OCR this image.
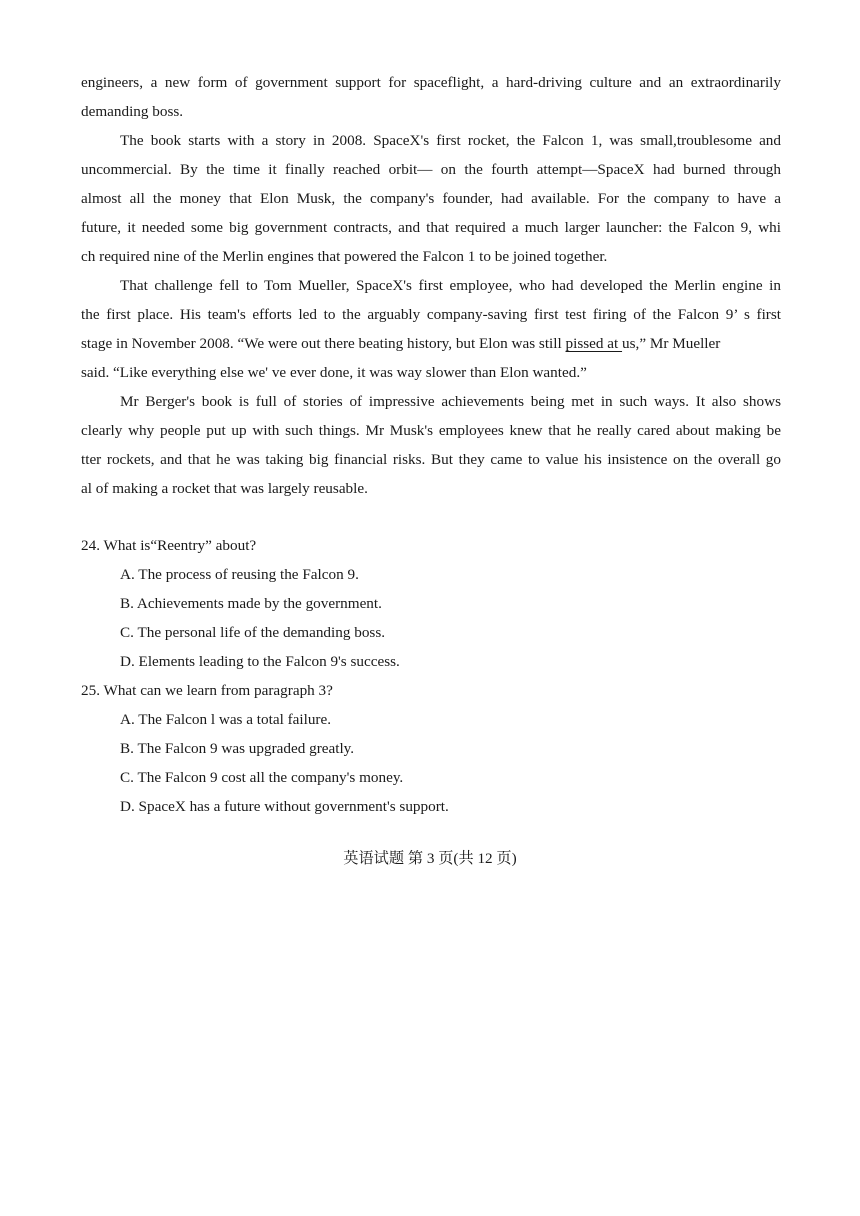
engineers, a new form of government support for spaceflight, a hard-driving culture and an extraordinarily
demanding boss.
The book starts with a story in 2008. SpaceX's first rocket, the Falcon 1, was small,troublesome and
uncommercial. By the time it finally reached orbit— on the fourth attempt—SpaceX had burned through
almost all the money that Elon Musk, the company's founder, had available. For the company to have a
future, it needed some big government contracts, and that required a much larger launcher: the Falcon 9, whi
ch required nine of the Merlin engines that powered the Falcon 1 to be joined together.
That challenge fell to Tom Mueller, SpaceX's first employee, who had developed the Merlin engine in
the first place. His team's efforts led to the arguably company-saving first test firing of the Falcon 9’ s first
stage in November 2008. “We were out there beating history, but Elon was still pissed at us,” Mr Mueller
said. “Like everything else we' ve ever done, it was way slower than Elon wanted.”
Mr Berger's book is full of stories of impressive achievements being met in such ways. It also shows
clearly why people put up with such things. Mr Musk's employees knew that he really cared about making be
tter rockets, and that he was taking big financial risks. But they came to value his insistence on the overall go
al of making a rocket that was largely reusable.
24. What is“Reentry” about?
A. The process of reusing the Falcon 9.
B. Achievements made by the government.
C. The personal life of the demanding boss.
D. Elements leading to the Falcon 9's success.
25. What can we learn from paragraph 3?
A. The Falcon l was a total failure.
B. The Falcon 9 was upgraded greatly.
C. The Falcon 9 cost all the company's money.
D. SpaceX has a future without government's support.
英语试题 第 3 页(共 12 页)
